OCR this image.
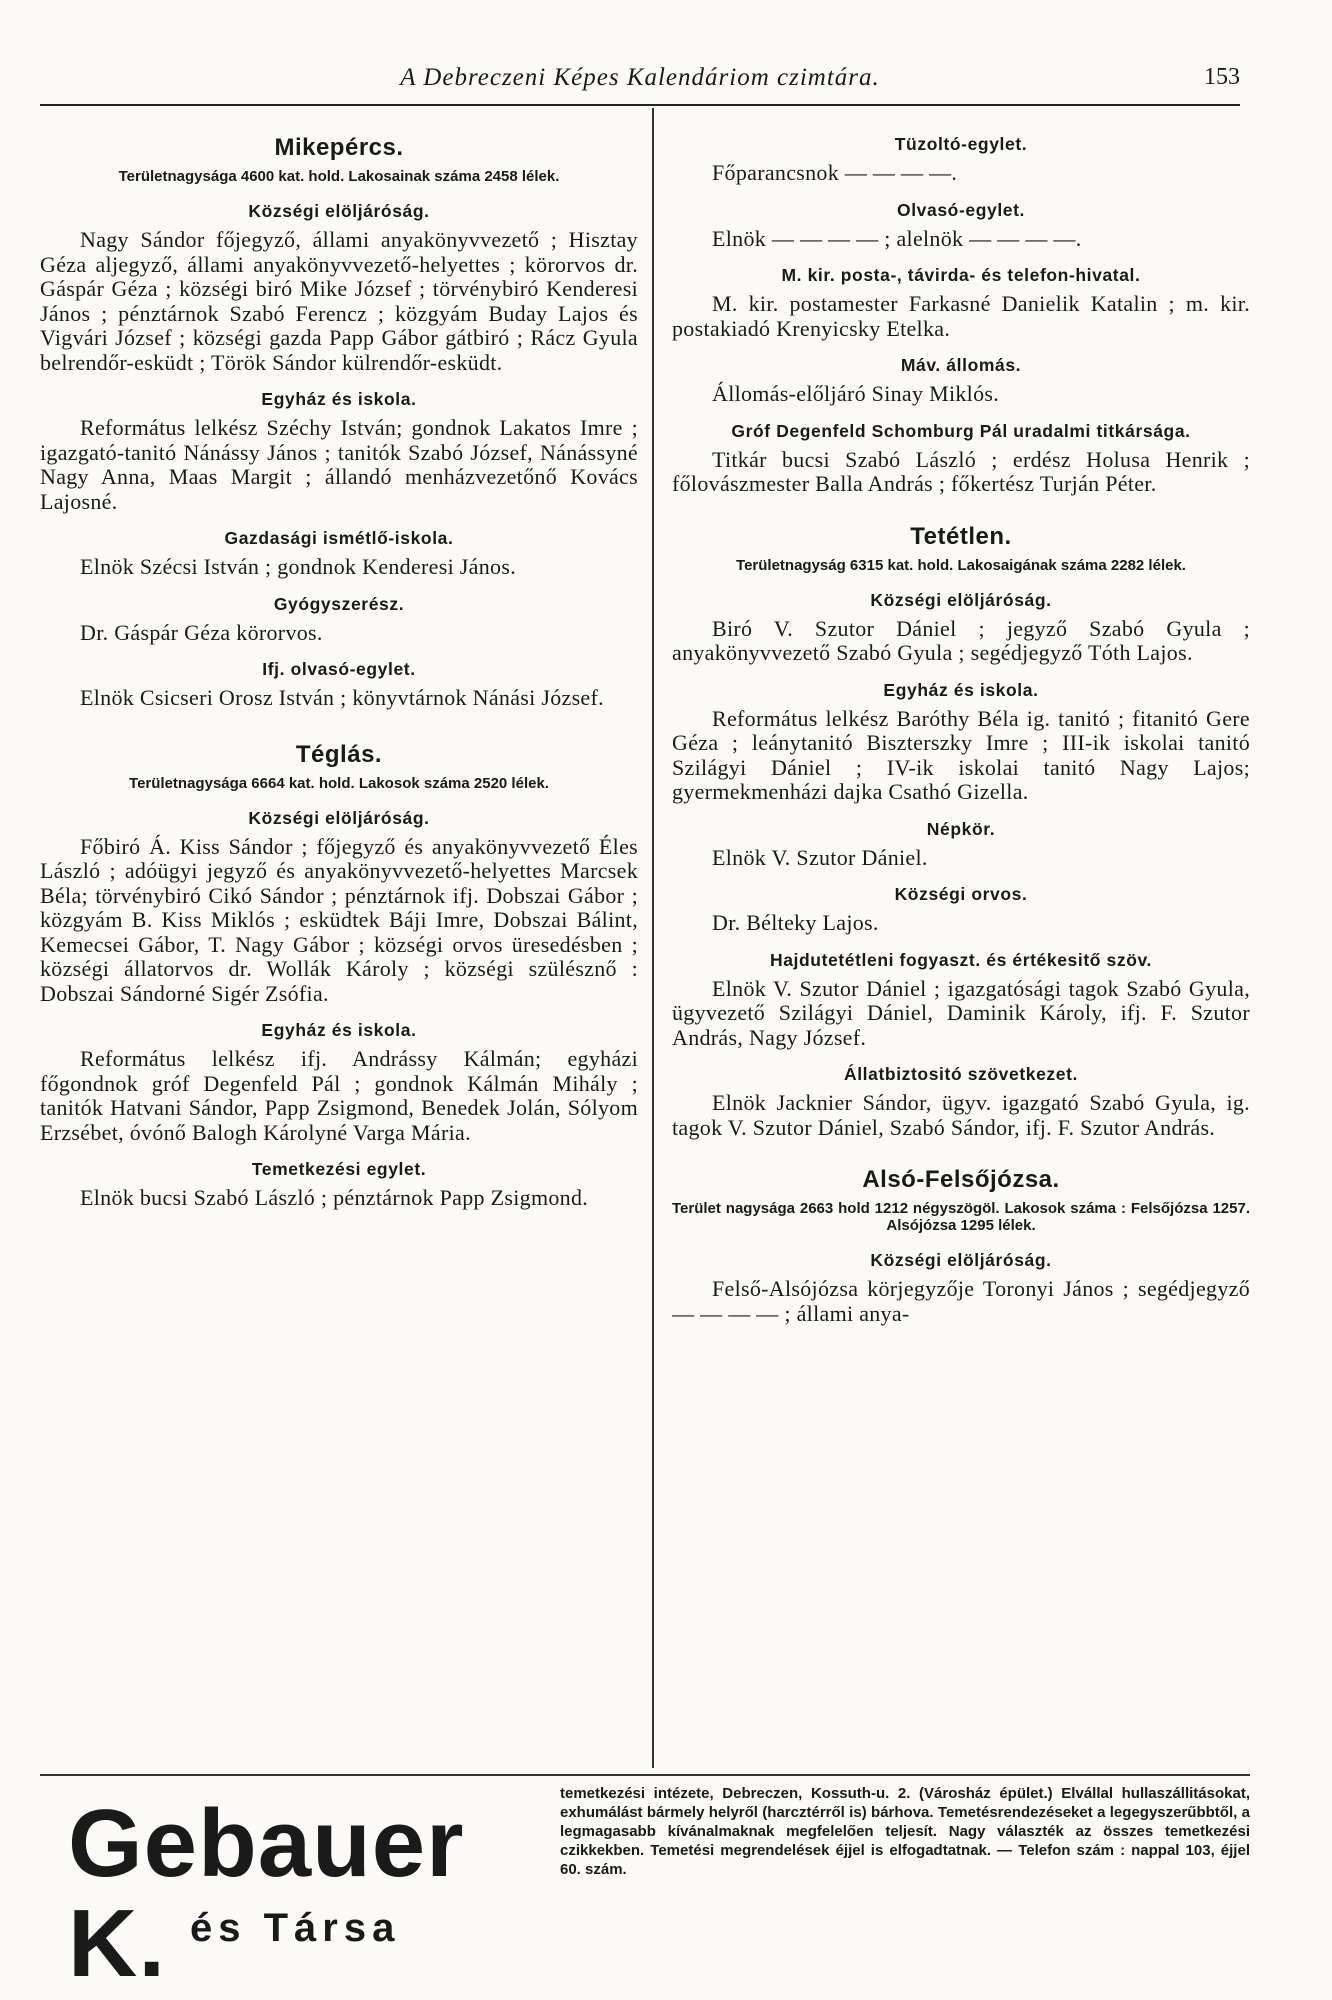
A Debreczeni Képes Kalendáriom czimtára.	153
Mikepércs.
Területnagysága 4600 kat. hold. Lakosainak száma 2458 lélek.
Községi elöljáróság.

Nagy Sándor főjegyző, állami anyakönyvvezető ; Hisztay Géza aljegyző, állami anyakönyvvezető-helyettes ; körorvos dr. Gáspár Géza ; községi biró Mike József ; törvénybiró Kenderesi János ; pénztárnok Szabó Ferencz ; közgyám Buday Lajos és Vigvári József ; községi gazda Papp Gábor gátbiró ; Rácz Gyula belrendőr-esküdt ; Török Sándor külrendőr-esküdt.

Egyház és iskola.

Református lelkész Széchy István; gondnok Lakatos Imre ; igazgató-tanitó Nánássy János ; tanitók Szabó József, Nánássyné Nagy Anna, Maas Margit ; állandó menházvezetőnő Kovács Lajosné.

Gazdasági ismétlő-iskola.

Elnök Szécsi István ; gondnok Kenderesi János.

Gyógyszerész.

Dr. Gáspár Géza körorvos.

Ifj. olvasó-egylet.

Elnök Csicseri Orosz István ; könyvtárnok Nánási József.

Téglás.
Területnagysága 6664 kat. hold. Lakosok száma 2520 lélek.
Községi elöljáróság.

Főbiró Á. Kiss Sándor ; főjegyző és anyakönyvvezető Éles László ; adóügyi jegyző és anyakönyvvezető-helyettes Marcsek Béla; törvénybiró Cikó Sándor ; pénztárnok ifj. Dobszai Gábor ; közgyám B. Kiss Miklós ; esküdtek Báji Imre, Dobszai Bálint, Kemecsei Gábor, T. Nagy Gábor ; községi orvos üresedésben ; községi állatorvos dr. Wollák Károly ; községi szülésznő : Dobszai Sándorné Sigér Zsófia.

Egyház és iskola.

Református lelkész ifj. Andrássy Kálmán; egyházi főgondnok gróf Degenfeld Pál ; gondnok Kálmán Mihály ; tanitók Hatvani Sándor, Papp Zsigmond, Benedek Jolán, Sólyom Erzsébet, óvónő Balogh Károlyné Varga Mária.

Temetkezési egylet.

Elnök bucsi Szabó László ; pénztárnok Papp Zsigmond.

Tüzoltó-egylet.

Főparancsnok — — — —.

Olvasó-egylet.

Elnök — — — — ; alelnök — — — —.

M. kir. posta-, távirda- és telefon-hivatal.

M. kir. postamester Farkasné Danielik Katalin ; m. kir. postakiadó Krenyicsky Etelka.

Máv. állomás.

Állomás-előljáró Sinay Miklós.

Gróf Degenfeld Schomburg Pál uradalmi titkársága.

Titkár bucsi Szabó László ; erdész Holusa Henrik ; főlovászmester Balla András ; főkertész Turján Péter.

Tetétlen.
Területnagyság 6315 kat. hold. Lakosaigának száma 2282 lélek.
Községi elöljáróság.

Biró V. Szutor Dániel ; jegyző Szabó Gyula ; anyakönyvvezető Szabó Gyula ; segédjegyző Tóth Lajos.

Egyház és iskola.

Református lelkész Baróthy Béla ig. tanitó ; fitanitó Gere Géza ; leánytanitó Biszterszky Imre ; III-ik iskolai tanitó Szilágyi Dániel ; IV-ik iskolai tanitó Nagy Lajos; gyermekmenházi dajka Csathó Gizella.

Népkör.

Elnök V. Szutor Dániel.

Községi orvos.

Dr. Bélteky Lajos.

Hajdutetétleni fogyaszt. és értékesitő szöv.

Elnök V. Szutor Dániel ; igazgatósági tagok Szabó Gyula, ügyvezető Szilágyi Dániel, Daminik Károly, ifj. F. Szutor András, Nagy József.

Állatbiztositó szövetkezet.

Elnök Jacknier Sándor, ügyv. igazgató Szabó Gyula, ig. tagok V. Szutor Dániel, Szabó Sándor, ifj. F. Szutor András.

Alsó-Felsőjózsa.
Terület nagysága 2663 hold 1212 négyszögöl. Lakosok száma : Felsőjózsa 1257. Alsójózsa 1295 lélek.
Községi elöljáróság.

Felső-Alsójózsa körjegyzője Toronyi János ; segédjegyző — — — — ; állami anya-

Gebauer K. és Társa
temetkezési intézete, Debreczen, Kossuth-u. 2. (Városház épület.) Elvállal hullaszállitásokat, exhumálást bármely helyről (harcztérről is) bárhova. Temetésrendezéseket a legegyszerűbbtől, a legmagasabb kívánalmaknak megfelelően teljesít. Nagy választék az összes temetkezési czikkekben. Temetési megrendelések éjjel is elfogadtatnak. — Telefon szám : nappal 103, éjjel 60. szám.
